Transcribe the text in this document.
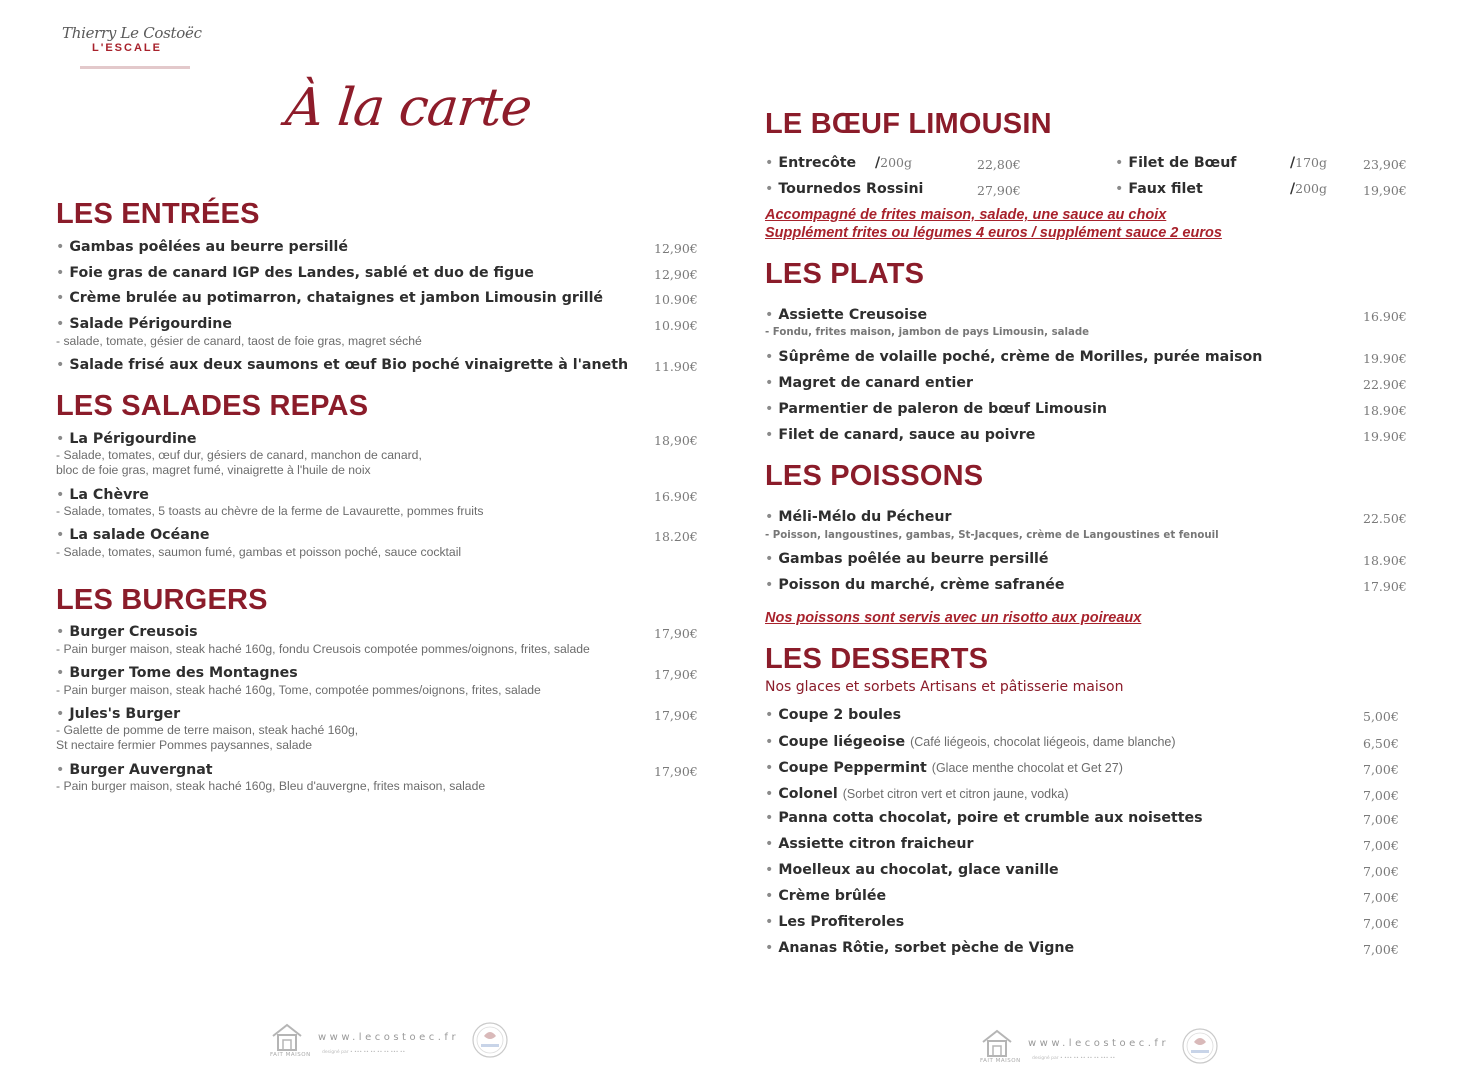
Thierry Le Costoëc
L'ESCALE
À la carte
LES ENTRÉES
• Gambas poêlées au beurre persillé	12,90€
• Foie gras de canard IGP des Landes, sablé et duo de figue	12,90€
• Crème brulée au potimarron, chataignes et jambon Limousin grillé	10.90€
• Salade Périgourdine	10.90€
- salade, tomate, gésier de canard, taost de foie gras, magret séché
• Salade frisé aux deux saumons et œuf Bio poché vinaigrette à l'aneth 11.90€
LES SALADES REPAS
• La Périgourdine	18,90€
- Salade, tomates, œuf dur, gésiers de canard, manchon de canard,
bloc de foie gras, magret fumé, vinaigrette à l'huile de noix
• La Chèvre	16.90€
- Salade, tomates, 5 toasts au chèvre de la ferme de Lavaurette, pommes fruits
• La salade Océane	18.20€
- Salade, tomates, saumon fumé, gambas et poisson poché, sauce cocktail
LES BURGERS
• Burger Creusois	17,90€
- Pain burger maison, steak haché 160g, fondu Creusois compotée pommes/oignons, frites, salade
• Burger Tome des Montagnes	17,90€
- Pain burger maison, steak haché 160g, Tome, compotée pommes/oignons, frites, salade
• Jules's Burger	17,90€
- Galette de pomme de terre maison, steak haché 160g,
St nectaire fermier Pommes paysannes, salade
• Burger Auvergnat	17,90€
- Pain burger maison, steak haché 160g, Bleu d'auvergne, frites maison, salade
LE BŒUF LIMOUSIN
• Entrecôte /200g	22,80€	• Filet de Bœuf	/170g	23,90€
• Tournedos Rossini	27,90€	• Faux filet	/200g	19,90€
Accompagné de frites maison, salade, une sauce au choix
Supplément frites ou légumes 4 euros / supplément sauce 2 euros
LES PLATS
• Assiette Creusoise	16.90€
- Fondu, frites maison, jambon de pays Limousin, salade
• Sûprême de volaille poché, crème de Morilles, purée maison	19.90€
• Magret de canard entier	22.90€
• Parmentier de paleron de bœuf Limousin	18.90€
• Filet de canard, sauce au poivre	19.90€
LES POISSONS
• Méli-Mélo du Pécheur	22.50€
- Poisson, langoustines, gambas, St-Jacques, crème de Langoustines et fenouil
• Gambas poêlée au beurre persillé	18.90€
• Poisson du marché, crème safranée	17.90€
Nos poissons sont servis avec un risotto aux poireaux
LES DESSERTS
Nos glaces et sorbets Artisans et pâtisserie maison
• Coupe 2 boules	5,00€
• Coupe liégeoise (Café liégeois, chocolat liégeois, dame blanche)	6,50€
• Coupe Peppermint (Glace menthe chocolat et Get 27)	7,00€
• Colonel (Sorbet citron vert et citron jaune, vodka)	7,00€
• Panna cotta chocolat, poire et crumble aux noisettes	7,00€
• Assiette citron fraicheur	7,00€
• Moelleux au chocolat, glace vanille	7,00€
• Crème brûlée	7,00€
• Les Profiteroles	7,00€
• Ananas Rôtie, sorbet pèche de Vigne	7,00€
FAIT MAISON
www.lecostoec.fr
designé par • ••• •• •• •• •• ••• ••
FAIT MAISON
www.lecostoec.fr
designé par • ••• •• •• •• •• ••• ••
